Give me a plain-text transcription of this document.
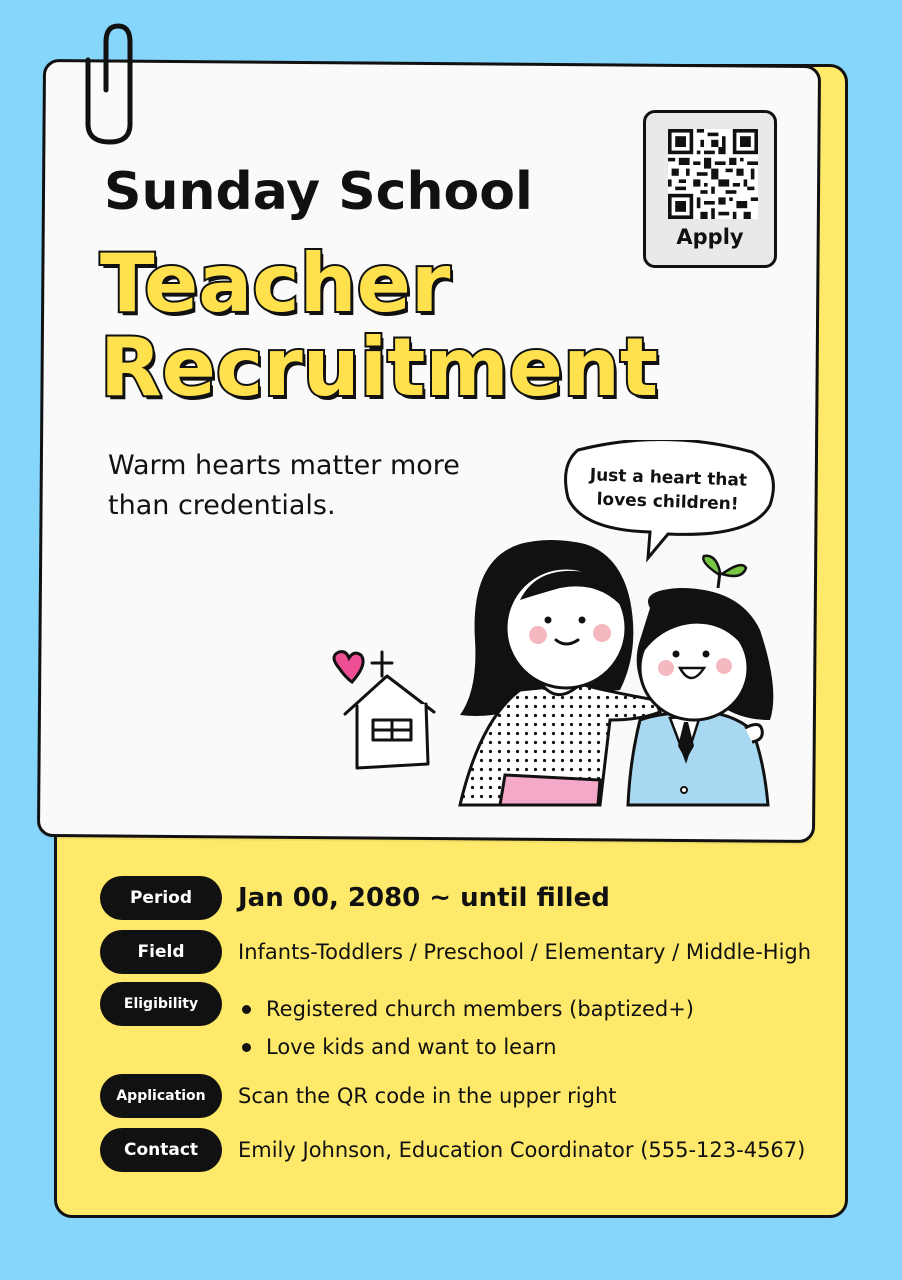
Sunday School
Teacher
Recruitment
Warm hearts matter more than credentials.
Apply
Just a heart that loves children!
Period	Jan 00, 2080 ~ until filled
Field	Infants-Toddlers / Preschool / Elementary / Middle-High
Eligibility	Registered church members (baptized+)
Love kids and want to learn
Application	Scan the QR code in the upper right
Contact	Emily Johnson, Education Coordinator (555-123-4567)
